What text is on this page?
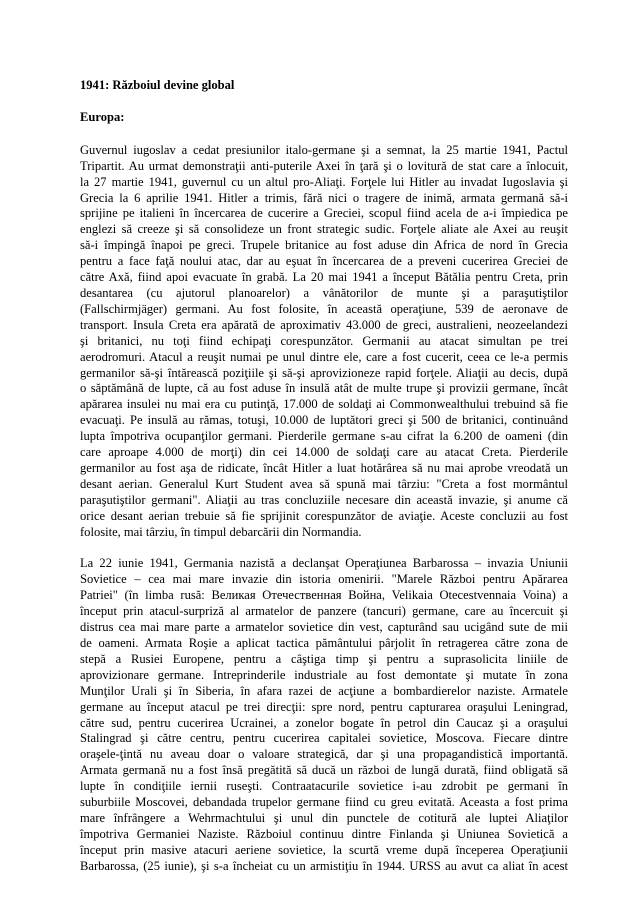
1941: Războiul devine global

Europa:

Guvernul iugoslav a cedat presiunilor italo-germane şi a semnat, la 25 martie 1941, Pactul
Tripartit. Au urmat demonstraţii anti-puterile Axei în ţară şi o lovitură de stat care a înlocuit,
la 27 martie 1941, guvernul cu un altul pro-Aliaţi. Forţele lui Hitler au invadat Iugoslavia şi
Grecia la 6 aprilie 1941. Hitler a trimis, fără nici o tragere de inimă, armata germană să-i
sprijine pe italieni în încercarea de cucerire a Greciei, scopul fiind acela de a-i împiedica pe
englezi să creeze şi să consolideze un front strategic sudic. Forţele aliate ale Axei au reuşit
să-i împingă înapoi pe greci. Trupele britanice au fost aduse din Africa de nord în Grecia
pentru a face faţă noului atac, dar au eşuat în încercarea de a preveni cucerirea Greciei de
către Axă, fiind apoi evacuate în grabă. La 20 mai 1941 a început Bătălia pentru Creta, prin
desantarea (cu ajutorul planoarelor) a vânătorilor de munte şi a paraşutiştilor
(Fallschirmjäger) germani. Au fost folosite, în această operaţiune, 539 de aeronave de
transport. Insula Creta era apărată de aproximativ 43.000 de greci, australieni, neozeelandezi
şi britanici, nu toţi fiind echipaţi corespunzător. Germanii au atacat simultan pe trei
aerodromuri. Atacul a reuşit numai pe unul dintre ele, care a fost cucerit, ceea ce le-a permis
germanilor să-şi întărească poziţiile şi să-şi aprovizioneze rapid forţele. Aliaţii au decis, după
o săptămână de lupte, că au fost aduse în insulă atât de multe trupe şi provizii germane, încât
apărarea insulei nu mai era cu putinţă, 17.000 de soldaţi ai Commonwealthului trebuind să fie
evacuaţi. Pe insulă au rămas, totuşi, 10.000 de luptători greci şi 500 de britanici, continuând
lupta împotriva ocupanţilor germani. Pierderile germane s-au cifrat la 6.200 de oameni (din
care aproape 4.000 de morţi) din cei 14.000 de soldaţi care au atacat Creta. Pierderile
germanilor au fost aşa de ridicate, încât Hitler a luat hotărârea să nu mai aprobe vreodată un
desant aerian. Generalul Kurt Student avea să spună mai târziu: "Creta a fost mormântul
paraşutiştilor germani". Aliaţii au tras concluziile necesare din această invazie, şi anume că
orice desant aerian trebuie să fie sprijinit corespunzător de aviaţie. Aceste concluzii au fost
folosite, mai târziu, în timpul debarcării din Normandia.

La 22 iunie 1941, Germania nazistă a declanşat Operaţiunea Barbarossa – invazia Uniunii
Sovietice – cea mai mare invazie din istoria omenirii. "Marele Război pentru Apărarea
Patriei" (în limba rusă: Великая Отечественная Война, Velikaia Otecestvennaia Voina) a
început prin atacul-surpriză al armatelor de panzere (tancuri) germane, care au încercuit şi
distrus cea mai mare parte a armatelor sovietice din vest, capturând sau ucigând sute de mii
de oameni. Armata Roşie a aplicat tactica pământului pârjolit în retragerea către zona de
stepă a Rusiei Europene, pentru a câştiga timp şi pentru a suprasolicita liniile de
aprovizionare germane. Intreprinderile industriale au fost demontate şi mutate în zona
Munţilor Urali şi în Siberia, în afara razei de acţiune a bombardierelor naziste. Armatele
germane au început atacul pe trei direcţii: spre nord, pentru capturarea oraşului Leningrad,
către sud, pentru cucerirea Ucrainei, a zonelor bogate în petrol din Caucaz şi a oraşului
Stalingrad şi către centru, pentru cucerirea capitalei sovietice, Moscova. Fiecare dintre
oraşele-ţintă nu aveau doar o valoare strategică, dar şi una propagandistică importantă.
Armata germană nu a fost însă pregătită să ducă un război de lungă durată, fiind obligată să
lupte în condiţiile iernii ruseşti. Contraatacurile sovietice i-au zdrobit pe germani în
suburbiile Moscovei, debandada trupelor germane fiind cu greu evitată. Aceasta a fost prima
mare înfrângere a Wehrmachtului şi unul din punctele de cotitură ale luptei Aliaţilor
împotriva Germaniei Naziste. Războiul continuu dintre Finlanda şi Uniunea Sovietică a
început prin masive atacuri aeriene sovietice, la scurtă vreme după începerea Operaţiunii
Barbarossa, (25 iunie), şi s-a încheiat cu un armistiţiu în 1944. URSS au avut ca aliat în acest
